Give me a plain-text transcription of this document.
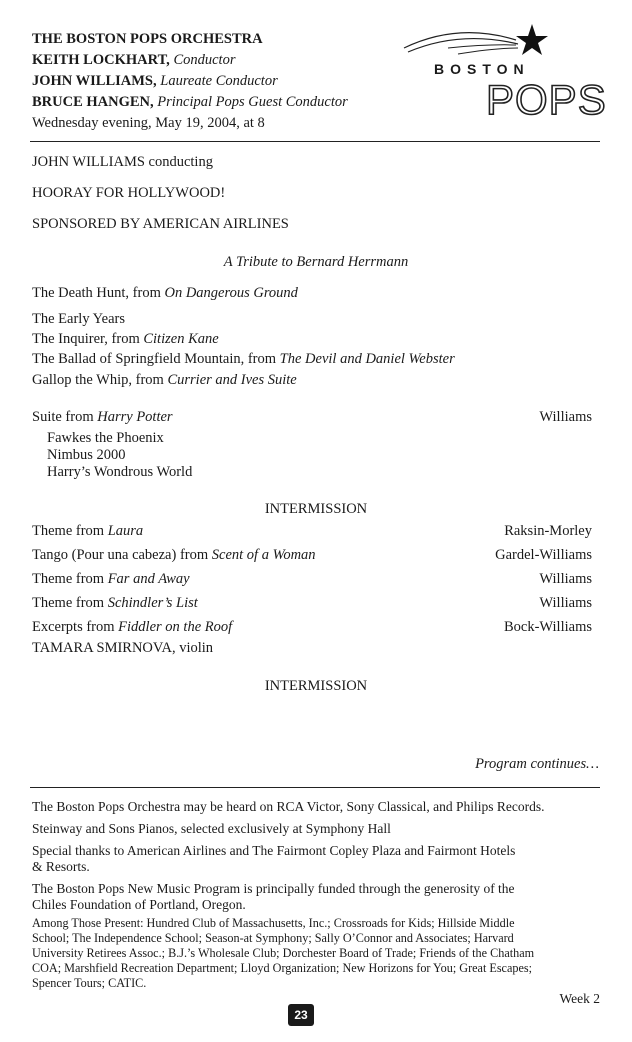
THE BOSTON POPS ORCHESTRA
KEITH LOCKHART, Conductor
JOHN WILLIAMS, Laureate Conductor
BRUCE HANGEN, Principal Pops Guest Conductor
Wednesday evening, May 19, 2004, at 8
BOSTON
POPS
JOHN WILLIAMS conducting
HOORAY FOR HOLLYWOOD!
SPONSORED BY AMERICAN AIRLINES
A Tribute to Bernard Herrmann
The Death Hunt, from On Dangerous Ground
The Early Years
The Inquirer, from Citizen Kane
The Ballad of Springfield Mountain, from The Devil and Daniel Webster
Gallop the Whip, from Currier and Ives Suite
Suite from Harry Potter	Williams
Fawkes the Phoenix
Nimbus 2000
Harry’s Wondrous World
INTERMISSION
Theme from Laura	Raksin-Morley
Tango (Pour una cabeza) from Scent of a Woman	Gardel-Williams
Theme from Far and Away	Williams
Theme from Schindler’s List	Williams
Excerpts from Fiddler on the Roof	Bock-Williams
TAMARA SMIRNOVA, violin
INTERMISSION
Program continues…
The Boston Pops Orchestra may be heard on RCA Victor, Sony Classical, and Philips Records.
Steinway and Sons Pianos, selected exclusively at Symphony Hall
Special thanks to American Airlines and The Fairmont Copley Plaza and Fairmont Hotels
& Resorts.
The Boston Pops New Music Program is principally funded through the generosity of the
Chiles Foundation of Portland, Oregon.
Among Those Present: Hundred Club of Massachusetts, Inc.; Crossroads for Kids; Hillside Middle
School; The Independence School; Season-at Symphony; Sally O’Connor and Associates; Harvard
University Retirees Assoc.; B.J.’s Wholesale Club; Dorchester Board of Trade; Friends of the Chatham
COA; Marshfield Recreation Department; Lloyd Organization; New Horizons for You; Great Escapes;
Spencer Tours; CATIC.
Week 2
23
